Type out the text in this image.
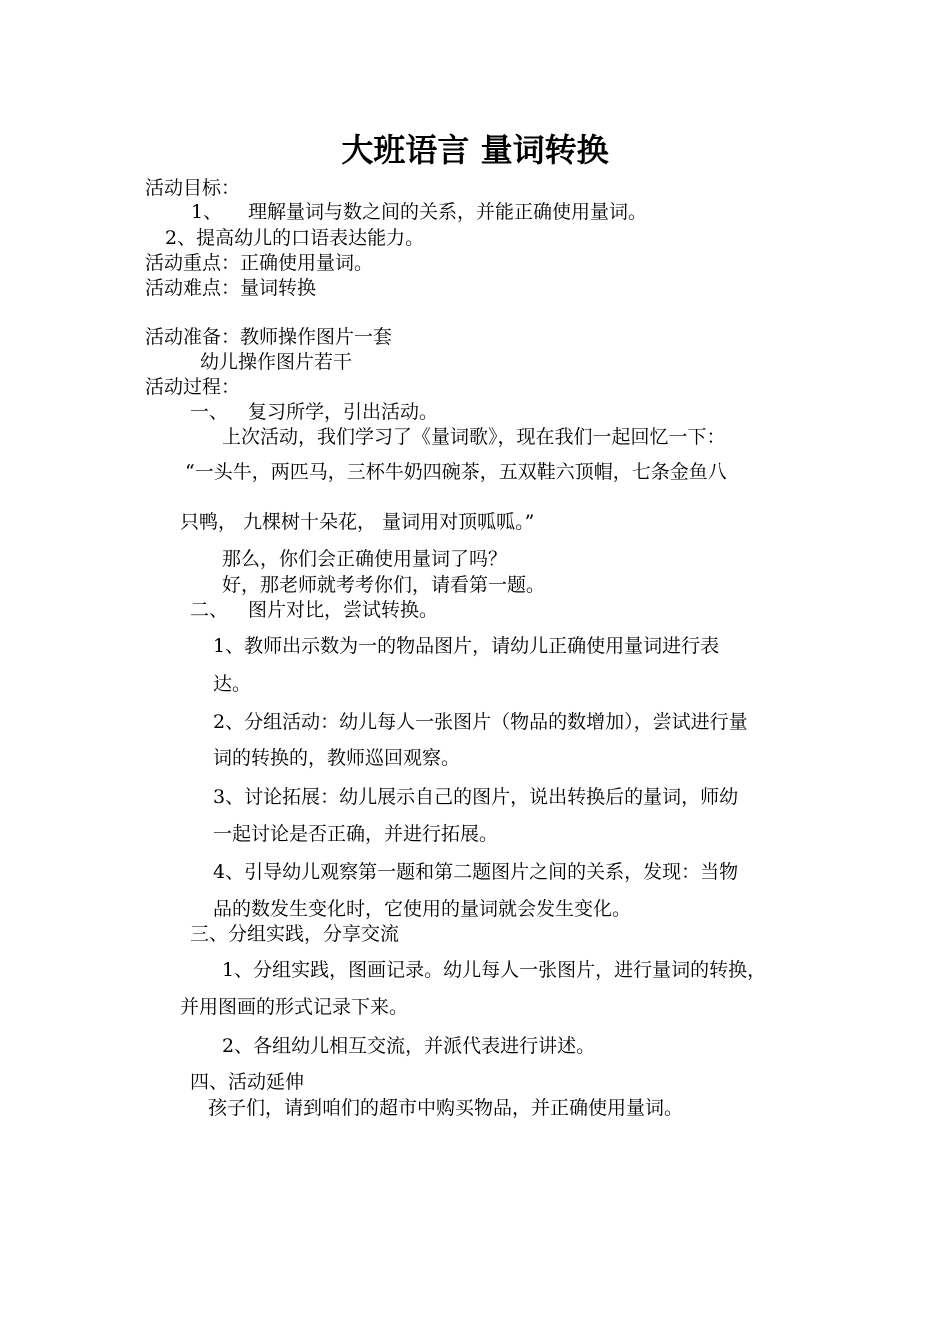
大班语言 量词转换
活动目标：
1、 理解量词与数之间的关系，并能正确使用量词。
2、提高幼儿的口语表达能力。
活动重点：正确使用量词。
活动难点：量词转换
活动准备：教师操作图片一套
幼儿操作图片若干
活动过程：
一、 复习所学，引出活动。
上次活动，我们学习了《量词歌》，现在我们一起回忆一下：
“一头牛，两匹马，三杯牛奶四碗茶，五双鞋六顶帽，七条金鱼八
只鸭， 九棵树十朵花， 量词用对顶呱呱。”
那么，你们会正确使用量词了吗？
好，那老师就考考你们，请看第一题。
二、 图片对比，尝试转换。
1、教师出示数为一的物品图片，请幼儿正确使用量词进行表
达。
2、分组活动：幼儿每人一张图片（物品的数增加），尝试进行量
词的转换的，教师巡回观察。
3、讨论拓展：幼儿展示自己的图片，说出转换后的量词，师幼
一起讨论是否正确，并进行拓展。
4、引导幼儿观察第一题和第二题图片之间的关系，发现：当物
品的数发生变化时，它使用的量词就会发生变化。
三、分组实践，分享交流
1、分组实践，图画记录。幼儿每人一张图片，进行量词的转换，
并用图画的形式记录下来。
2、各组幼儿相互交流，并派代表进行讲述。
四、活动延伸
孩子们，请到咱们的超市中购买物品，并正确使用量词。
